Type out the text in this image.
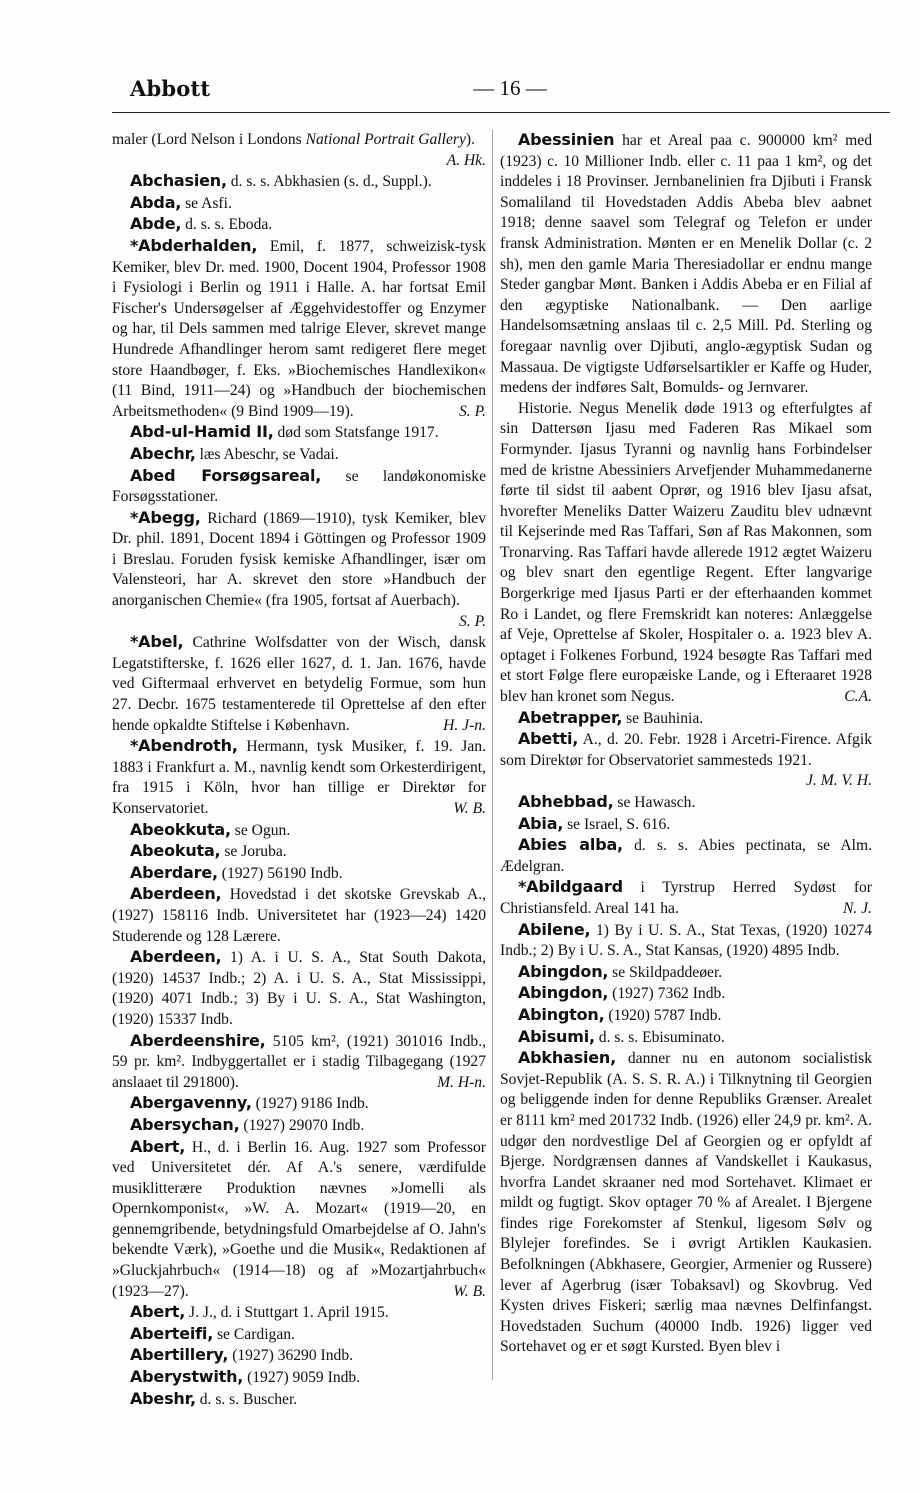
Abbott	— 16 —

maler (Lord Nelson i Londons National Portrait Gallery).
A. Hk.

Abchasien, d. s. s. Abkhasien (s. d., Suppl.).

Abda, se Asfi.

Abde, d. s. s. Eboda.

*Abderhalden, Emil, f. 1877, schweizisk-tysk Kemiker, blev Dr. med. 1900, Docent 1904, Professor 1908 i Fysiologi i Berlin og 1911 i Halle. A. har fortsat Emil Fischer's Undersøgelser af Æggehvidestoffer og Enzymer og har, til Dels sammen med talrige Elever, skrevet mange Hundrede Afhandlinger herom samt redigeret flere meget store Haandbøger, f. Eks. »Biochemisches Handlexikon« (11 Bind, 1911—24) og »Handbuch der biochemischen Arbeitsmethoden« (9 Bind 1909—19).	S. P.

Abd-ul-Hamid II, død som Statsfange 1917.

Abechr, læs Abeschr, se Vadai.

Abed Forsøgsareal, se landøkonomiske Forsøgsstationer.

*Abegg, Richard (1869—1910), tysk Kemiker, blev Dr. phil. 1891, Docent 1894 i Göttingen og Professor 1909 i Breslau. Foruden fysisk kemiske Afhandlinger, især om Valensteori, har A. skrevet den store »Handbuch der anorganischen Chemie« (fra 1905, fortsat af Auerbach).
S. P.

*Abel, Cathrine Wolfsdatter von der Wisch, dansk Legatstifterske, f. 1626 eller 1627, d. 1. Jan. 1676, havde ved Giftermaal erhvervet en betydelig Formue, som hun 27. Decbr. 1675 testamenterede til Oprettelse af den efter hende opkaldte Stiftelse i København.	H. J-n.

*Abendroth, Hermann, tysk Musiker, f. 19. Jan. 1883 i Frankfurt a. M., navnlig kendt som Orkesterdirigent, fra 1915 i Köln, hvor han tillige er Direktør for Konservatoriet.	W. B.

Abeokkuta, se Ogun.

Abeokuta, se Joruba.

Aberdare, (1927) 56190 Indb.

Aberdeen, Hovedstad i det skotske Grevskab A., (1927) 158116 Indb. Universitetet har (1923—24) 1420 Studerende og 128 Lærere.

Aberdeen, 1) A. i U. S. A., Stat South Dakota, (1920) 14537 Indb.; 2) A. i U. S. A., Stat Mississippi, (1920) 4071 Indb.; 3) By i U. S. A., Stat Washington, (1920) 15337 Indb.

Aberdeenshire, 5105 km², (1921) 301016 Indb., 59 pr. km². Indbyggertallet er i stadig Tilbagegang (1927 anslaaet til 291800).	M. H-n.

Abergavenny, (1927) 9186 Indb.

Abersychan, (1927) 29070 Indb.

Abert, H., d. i Berlin 16. Aug. 1927 som Professor ved Universitetet dér. Af A.'s senere, værdifulde musiklitterære Produktion nævnes »Jomelli als Opernkomponist«, »W. A. Mozart« (1919—20, en gennemgribende, betydningsfuld Omarbejdelse af O. Jahn's bekendte Værk), »Goethe und die Musik«, Redaktionen af »Gluckjahrbuch« (1914—18) og af »Mozartjahrbuch« (1923—27).	W. B.

Abert, J. J., d. i Stuttgart 1. April 1915.

Aberteifi, se Cardigan.

Abertillery, (1927) 36290 Indb.

Aberystwith, (1927) 9059 Indb.

Abeshr, d. s. s. Buscher.

Abessinien har et Areal paa c. 900000 km² med (1923) c. 10 Millioner Indb. eller c. 11 paa 1 km², og det inddeles i 18 Provinser. Jernbanelinien fra Djibuti i Fransk Somaliland til Hovedstaden Addis Abeba blev aabnet 1918; denne saavel som Telegraf og Telefon er under fransk Administration. Mønten er en Menelik Dollar (c. 2 sh), men den gamle Maria Theresiadollar er endnu mange Steder gangbar Mønt. Banken i Addis Abeba er en Filial af den ægyptiske Nationalbank. — Den aarlige Handelsomsætning anslaas til c. 2,5 Mill. Pd. Sterling og foregaar navnlig over Djibuti, anglo-ægyptisk Sudan og Massaua. De vigtigste Udførselsartikler er Kaffe og Huder, medens der indføres Salt, Bomulds- og Jernvarer.

Historie. Negus Menelik døde 1913 og efterfulgtes af sin Dattersøn Ijasu med Faderen Ras Mikael som Formynder. Ijasus Tyranni og navnlig hans Forbindelser med de kristne Abessiniers Arvefjender Muhammedanerne førte til sidst til aabent Oprør, og 1916 blev Ijasu afsat, hvorefter Meneliks Datter Waizeru Zauditu blev udnævnt til Kejserinde med Ras Taffari, Søn af Ras Makonnen, som Tronarving. Ras Taffari havde allerede 1912 ægtet Waizeru og blev snart den egentlige Regent. Efter langvarige Borgerkrige med Ijasus Parti er der efterhaanden kommet Ro i Landet, og flere Fremskridt kan noteres: Anlæggelse af Veje, Oprettelse af Skoler, Hospitaler o. a. 1923 blev A. optaget i Folkenes Forbund, 1924 besøgte Ras Taffari med et stort Følge flere europæiske Lande, og i Efteraaret 1928 blev han kronet som Negus.	C.A.

Abetrapper, se Bauhinia.

Abetti, A., d. 20. Febr. 1928 i Arcetri-Firence. Afgik som Direktør for Observatoriet sammesteds 1921.
J. M. V. H.

Abhebbad, se Hawasch.

Abia, se Israel, S. 616.

Abies alba, d. s. s. Abies pectinata, se Alm. Ædelgran.

*Abildgaard i Tyrstrup Herred Sydøst for Christiansfeld. Areal 141 ha.	N. J.

Abilene, 1) By i U. S. A., Stat Texas, (1920) 10274 Indb.; 2) By i U. S. A., Stat Kansas, (1920) 4895 Indb.

Abingdon, se Skildpaddeøer.

Abingdon, (1927) 7362 Indb.

Abington, (1920) 5787 Indb.

Abisumi, d. s. s. Ebisuminato.

Abkhasien, danner nu en autonom socialistisk Sovjet-Republik (A. S. S. R. A.) i Tilknytning til Georgien og beliggende inden for denne Republiks Grænser. Arealet er 8111 km² med 201732 Indb. (1926) eller 24,9 pr. km². A. udgør den nordvestlige Del af Georgien og er opfyldt af Bjerge. Nordgrænsen dannes af Vandskellet i Kaukasus, hvorfra Landet skraaner ned mod Sortehavet. Klimaet er mildt og fugtigt. Skov optager 70 % af Arealet. I Bjergene findes rige Forekomster af Stenkul, ligesom Sølv og Blylejer forefindes. Se i øvrigt Artiklen Kaukasien. Befolkningen (Abkhasere, Georgier, Armenier og Russere) lever af Agerbrug (især Tobaksavl) og Skovbrug. Ved Kysten drives Fiskeri; særlig maa nævnes Delfinfangst. Hovedstaden Suchum (40000 Indb. 1926) ligger ved Sortehavet og er et søgt Kursted. Byen blev i
